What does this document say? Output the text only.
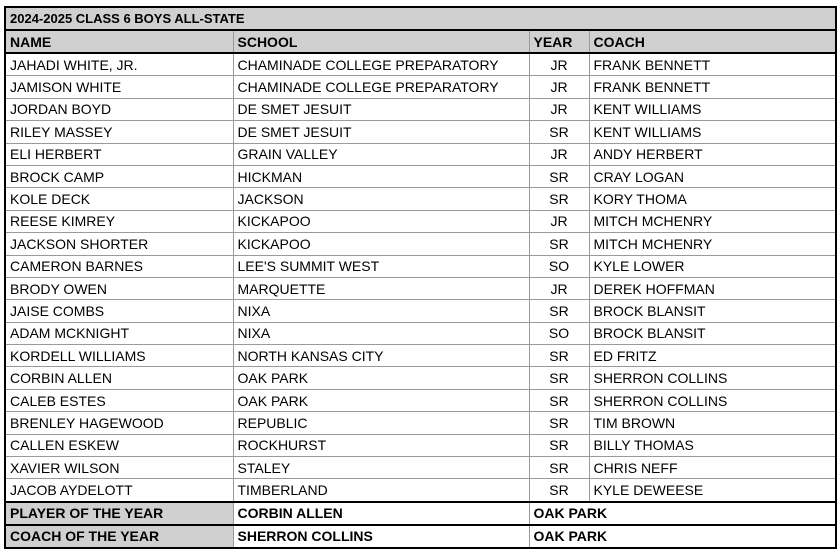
2024-2025 CLASS 6 BOYS ALL-STATE			
NAME	SCHOOL	YEAR	COACH
JAHADI WHITE, JR.	CHAMINADE COLLEGE PREPARATORY	JR	FRANK BENNETT
JAMISON WHITE	CHAMINADE COLLEGE PREPARATORY	JR	FRANK BENNETT
JORDAN BOYD	DE SMET JESUIT	JR	KENT WILLIAMS
RILEY MASSEY	DE SMET JESUIT	SR	KENT WILLIAMS
ELI HERBERT	GRAIN VALLEY	JR	ANDY HERBERT
BROCK CAMP	HICKMAN	SR	CRAY LOGAN
KOLE DECK	JACKSON	SR	KORY THOMA
REESE KIMREY	KICKAPOO	JR	MITCH MCHENRY
JACKSON SHORTER	KICKAPOO	SR	MITCH MCHENRY
CAMERON BARNES	LEE'S SUMMIT WEST	SO	KYLE LOWER
BRODY OWEN	MARQUETTE	JR	DEREK HOFFMAN
JAISE COMBS	NIXA	SR	BROCK BLANSIT
ADAM MCKNIGHT	NIXA	SO	BROCK BLANSIT
KORDELL WILLIAMS	NORTH KANSAS CITY	SR	ED FRITZ
CORBIN ALLEN	OAK PARK	SR	SHERRON COLLINS
CALEB ESTES	OAK PARK	SR	SHERRON COLLINS
BRENLEY HAGEWOOD	REPUBLIC	SR	TIM BROWN
CALLEN ESKEW	ROCKHURST	SR	BILLY THOMAS
XAVIER WILSON	STALEY	SR	CHRIS NEFF
JACOB AYDELOTT	TIMBERLAND	SR	KYLE DEWEESE
PLAYER OF THE YEAR	CORBIN ALLEN	OAK PARK	
COACH OF THE YEAR	SHERRON COLLINS	OAK PARK	
